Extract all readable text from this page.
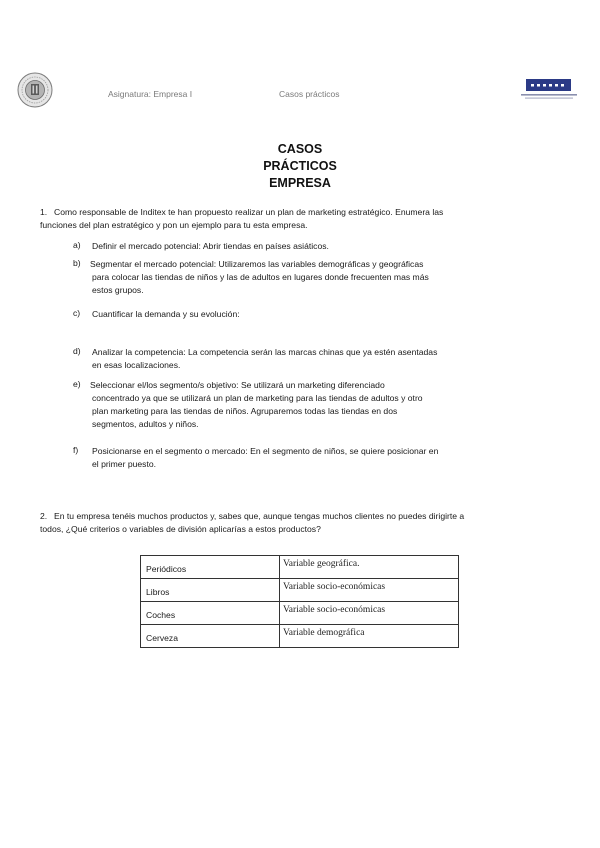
Asignatura: Empresa I	Casos prácticos
CASOS
PRÁCTICOS
EMPRESA
1. Como responsable de Inditex te han propuesto realizar un plan de marketing estratégico. Enumera las
funciones del plan estratégico y pon un ejemplo para tu esta empresa.
a) Definir el mercado potencial: Abrir tiendas en países asiáticos.
b) Segmentar el mercado potencial: Utilizaremos las variables demográficas y geográficas
para colocar las tiendas de niños y las de adultos en lugares donde frecuenten mas más
estos grupos.
c) Cuantificar la demanda y su evolución:
d) Analizar la competencia: La competencia serán las marcas chinas que ya estén asentadas
en esas localizaciones.
e) Seleccionar el/los segmento/s objetivo: Se utilizará un marketing diferenciado
concentrado ya que se utilizará un plan de marketing para las tiendas de adultos y otro
plan marketing para las tiendas de niños. Agruparemos todas las tiendas en dos
segmentos, adultos y niños.
f) Posicionarse en el segmento o mercado: En el segmento de niños, se quiere posicionar en
el primer puesto.
2. En tu empresa tenéis muchos productos y, sabes que, aunque tengas muchos clientes no puedes dirigirte a
todos, ¿Qué criterios o variables de división aplicarías a estos productos?
Periódicos	Variable geográfica.
Libros	Variable socio-económicas
Coches	Variable socio-económicas
Cerveza	Variable demográfica
